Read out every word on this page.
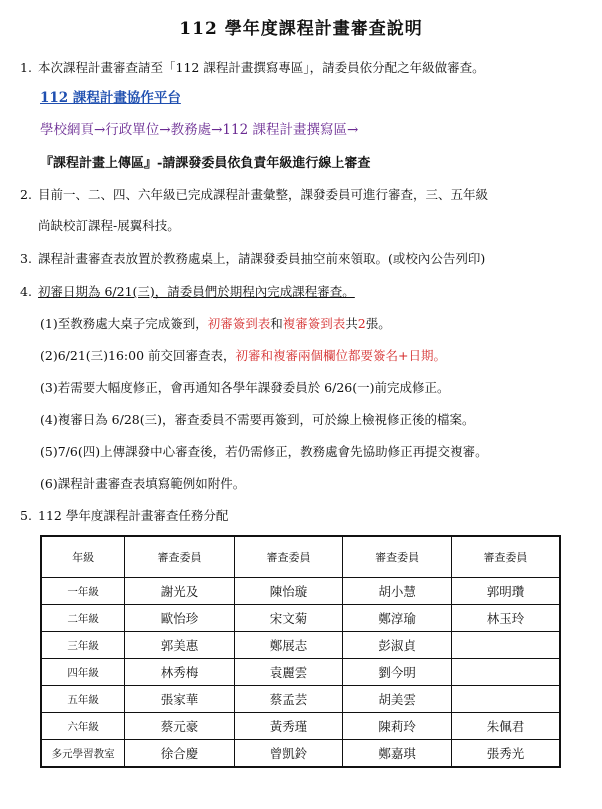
112 學年度課程計畫審查說明
1. 本次課程計畫審查請至「112 課程計畫撰寫專區」，請委員依分配之年級做審查。
112 課程計畫協作平台
學校網頁→行政單位→教務處→112 課程計畫撰寫區→
『課程計畫上傳區』-請課發委員依負責年級進行線上審查
2. 目前一、二、四、六年級已完成課程計畫彙整，課發委員可進行審查，三、五年級
尚缺校訂課程-展翼科技。
3. 課程計畫審查表放置於教務處桌上，請課發委員抽空前來領取。(或校內公告列印)
4. 初審日期為 6/21(三)，請委員們於期程內完成課程審查。
(1)至教務處大桌子完成簽到，初審簽到表和複審簽到表共2張。
(2)6/21(三)16:00 前交回審查表，初審和複審兩個欄位都要簽名+日期。
(3)若需要大幅度修正，會再通知各學年課發委員於 6/26(一)前完成修正。
(4)複審日為 6/28(三)，審查委員不需要再簽到，可於線上檢視修正後的檔案。
(5)7/6(四)上傳課發中心審查後，若仍需修正，教務處會先協助修正再提交複審。
(6)課程計畫審查表填寫範例如附件。
5. 112 學年度課程計畫審查任務分配
年級	審查委員	審查委員	審查委員	審查委員
一年級	謝光及	陳怡璇	胡小慧	郭明瓚
二年級	歐怡珍	宋文菊	鄭淳瑜	林玉玲
三年級	郭美惠	鄭展志	彭淑貞	
四年級	林秀梅	袁麗雲	劉今明	
五年級	張家華	蔡孟芸	胡美雲	
六年級	蔡元豪	黃秀瑾	陳莉玲	朱佩君
多元學習教室	徐合慶	曾凱鈴	鄭嘉琪	張秀光
